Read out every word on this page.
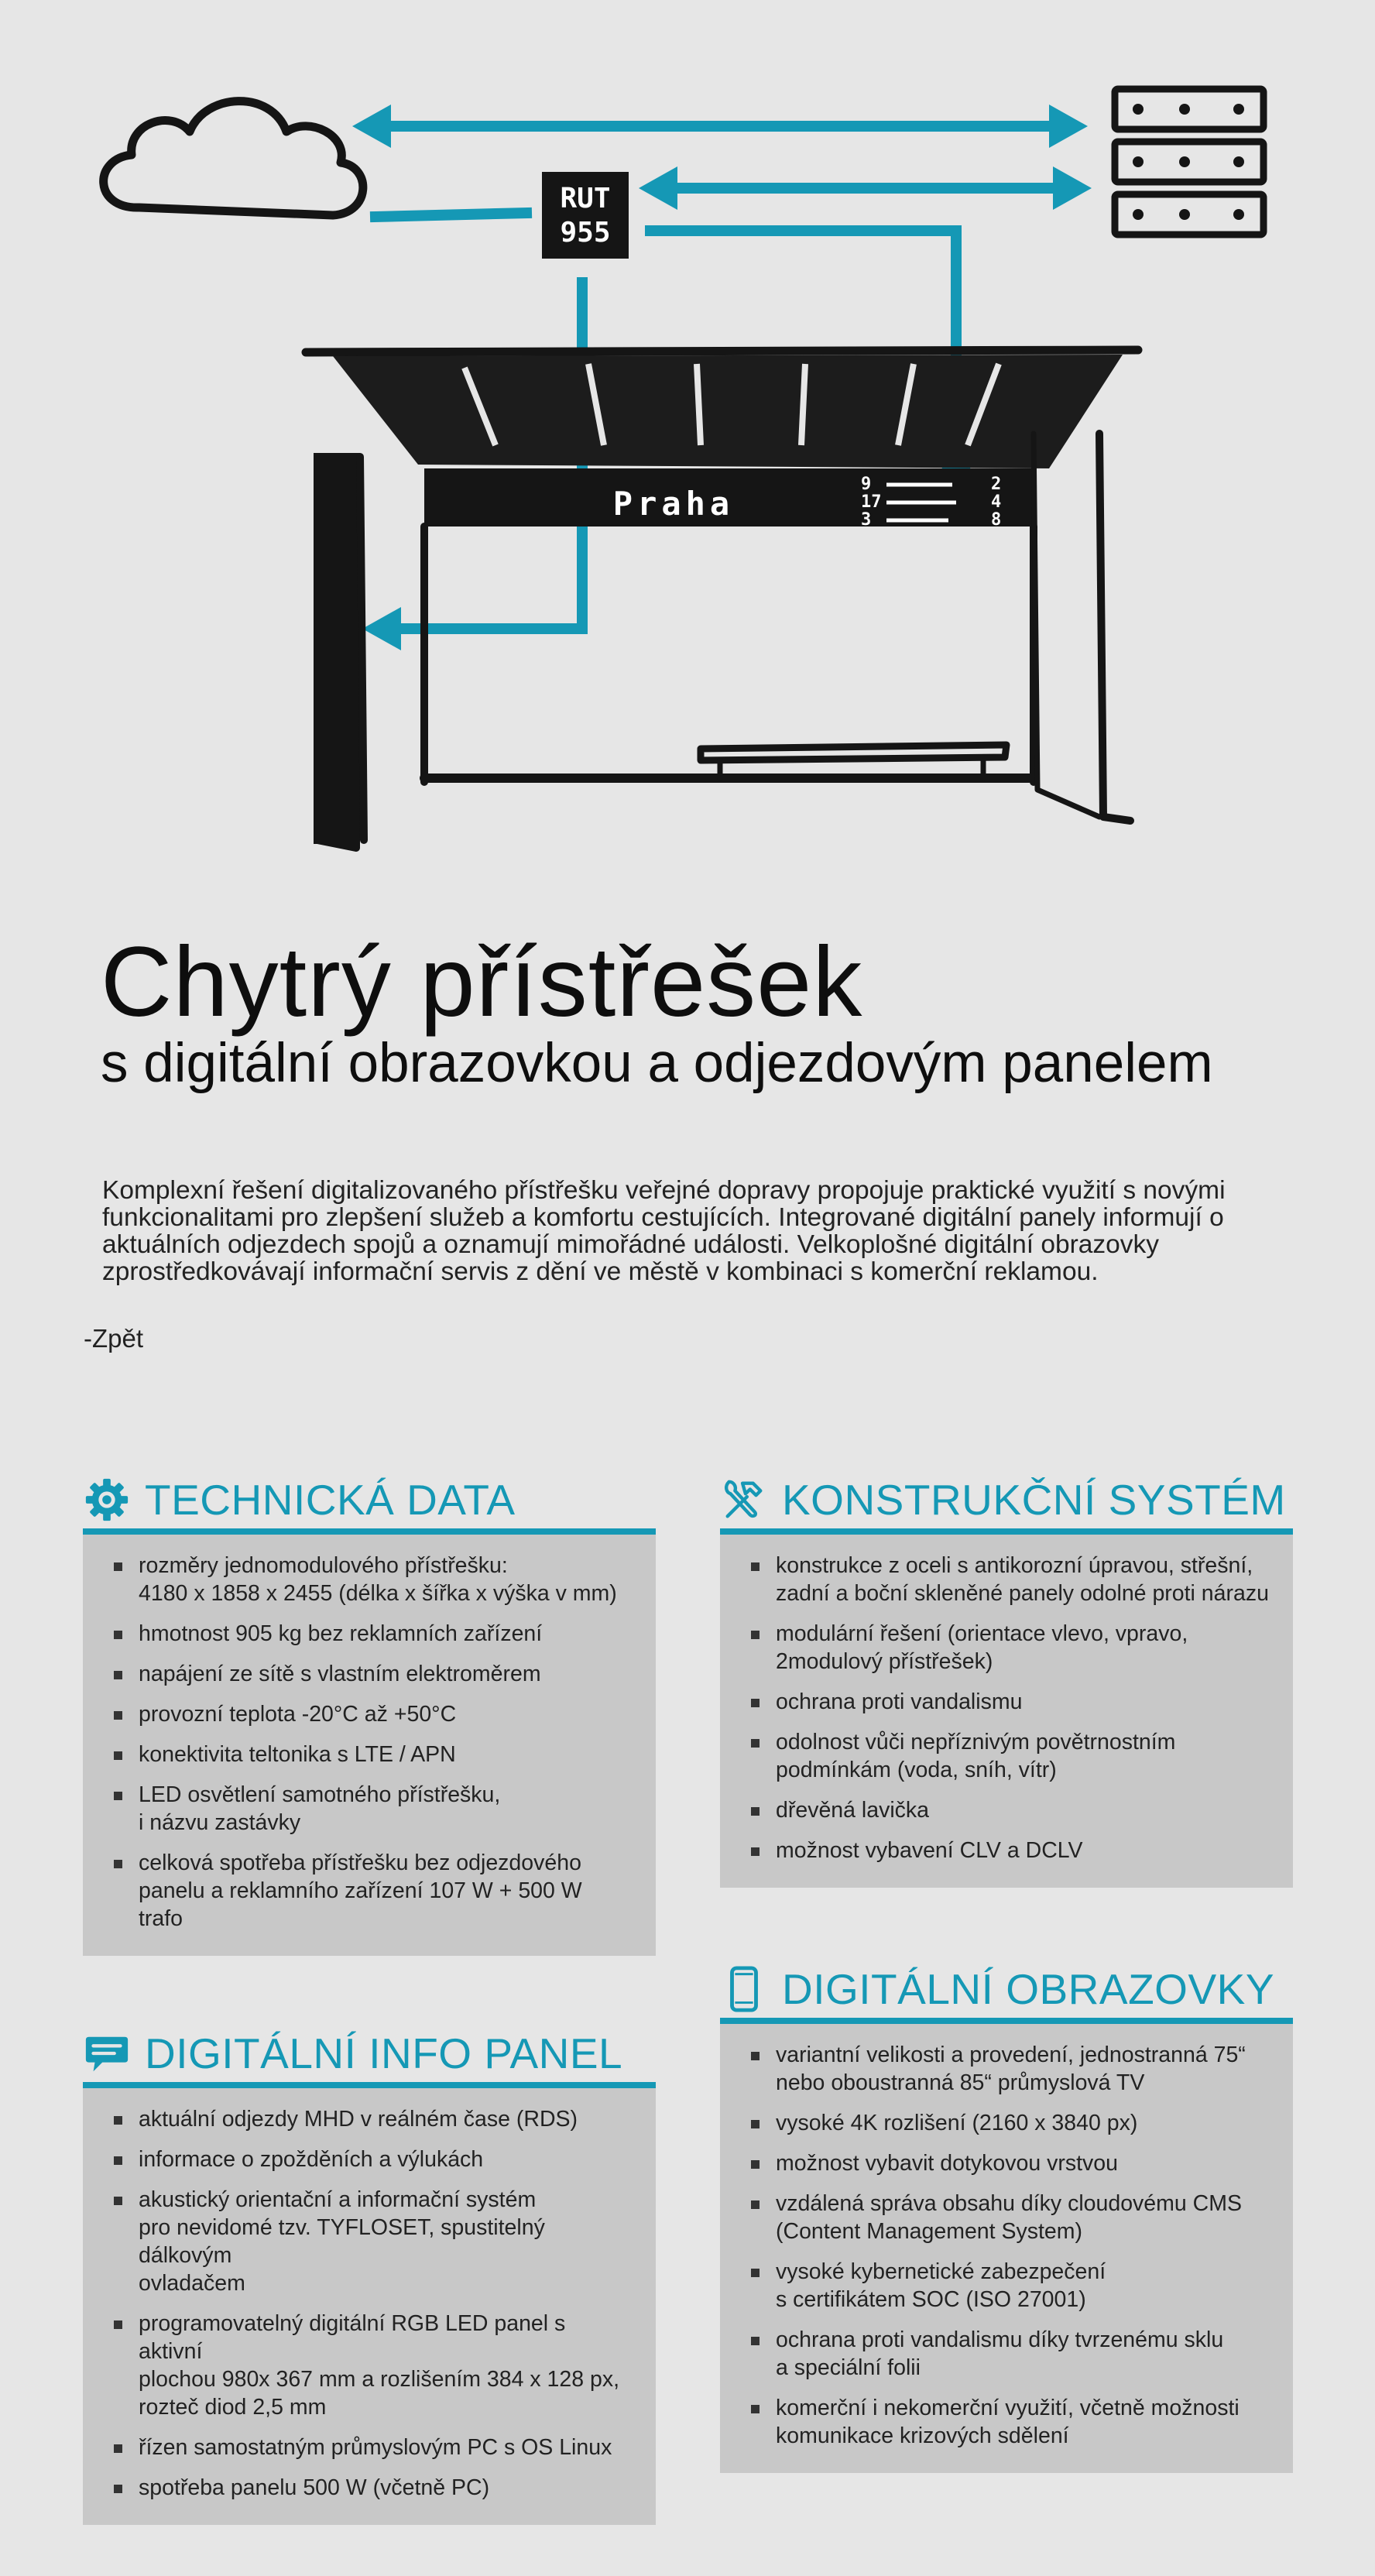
RUT
955
Praha
9
17
3
2
4
8
Chytrý přístřešek
s digitální obrazovkou a odjezdovým panelem

Komplexní řešení digitalizovaného přístřešku veřejné dopravy propojuje praktické využití s novými funkcionalitami pro zlepšení služeb a komfortu cestujících. Integrované digitální panely informují o aktuálních odjezdech spojů a oznamují mimořádné události. Velkoplošné digitální obrazovky zprostředkovávají informační servis z dění ve městě v kombinaci s komerční reklamou.

-Zpět
TECHNICKÁ DATA
rozměry jednomodulového přístřešku:
4180 x 1858 x 2455 (délka x šířka x výška v mm)
hmotnost 905 kg bez reklamních zařízení
napájení ze sítě s vlastním elektroměrem
provozní teplota -20°C až +50°C
konektivita teltonika s LTE / APN
LED osvětlení samotného přístřešku,
i názvu zastávky
celková spotřeba přístřešku bez odjezdového
panelu a reklamního zařízení 107 W + 500 W
trafo
KONSTRUKČNÍ SYSTÉM
konstrukce z oceli s antikorozní úpravou, střešní,
zadní a boční skleněné panely odolné proti nárazu
modulární řešení (orientace vlevo, vpravo,
2modulový přístřešek)
ochrana proti vandalismu
odolnost vůči nepříznivým povětrnostním
podmínkám (voda, sníh, vítr)
dřevěná lavička
možnost vybavení CLV a DCLV
DIGITÁLNÍ INFO PANEL
aktuální odjezdy MHD v reálném čase (RDS)
informace o zpožděních a výlukách
akustický orientační a informační systém
pro nevidomé tzv. TYFLOSET, spustitelný dálkovým
ovladačem
programovatelný digitální RGB LED panel s aktivní
plochou 980x 367 mm a rozlišením 384 x 128 px,
rozteč diod 2,5 mm
řízen samostatným průmyslovým PC s OS Linux
spotřeba panelu 500 W (včetně PC)
DIGITÁLNÍ OBRAZOVKY
variantní velikosti a provedení, jednostranná 75“
nebo oboustranná 85“ průmyslová TV
vysoké 4K rozlišení (2160 x 3840 px)
možnost vybavit dotykovou vrstvou
vzdálená správa obsahu díky cloudovému CMS
(Content Management System)
vysoké kybernetické zabezpečení
s certifikátem SOC (ISO 27001)
ochrana proti vandalismu díky tvrzenému sklu
a speciální folii
komerční i nekomerční využití, včetně možnosti
komunikace krizových sdělení
